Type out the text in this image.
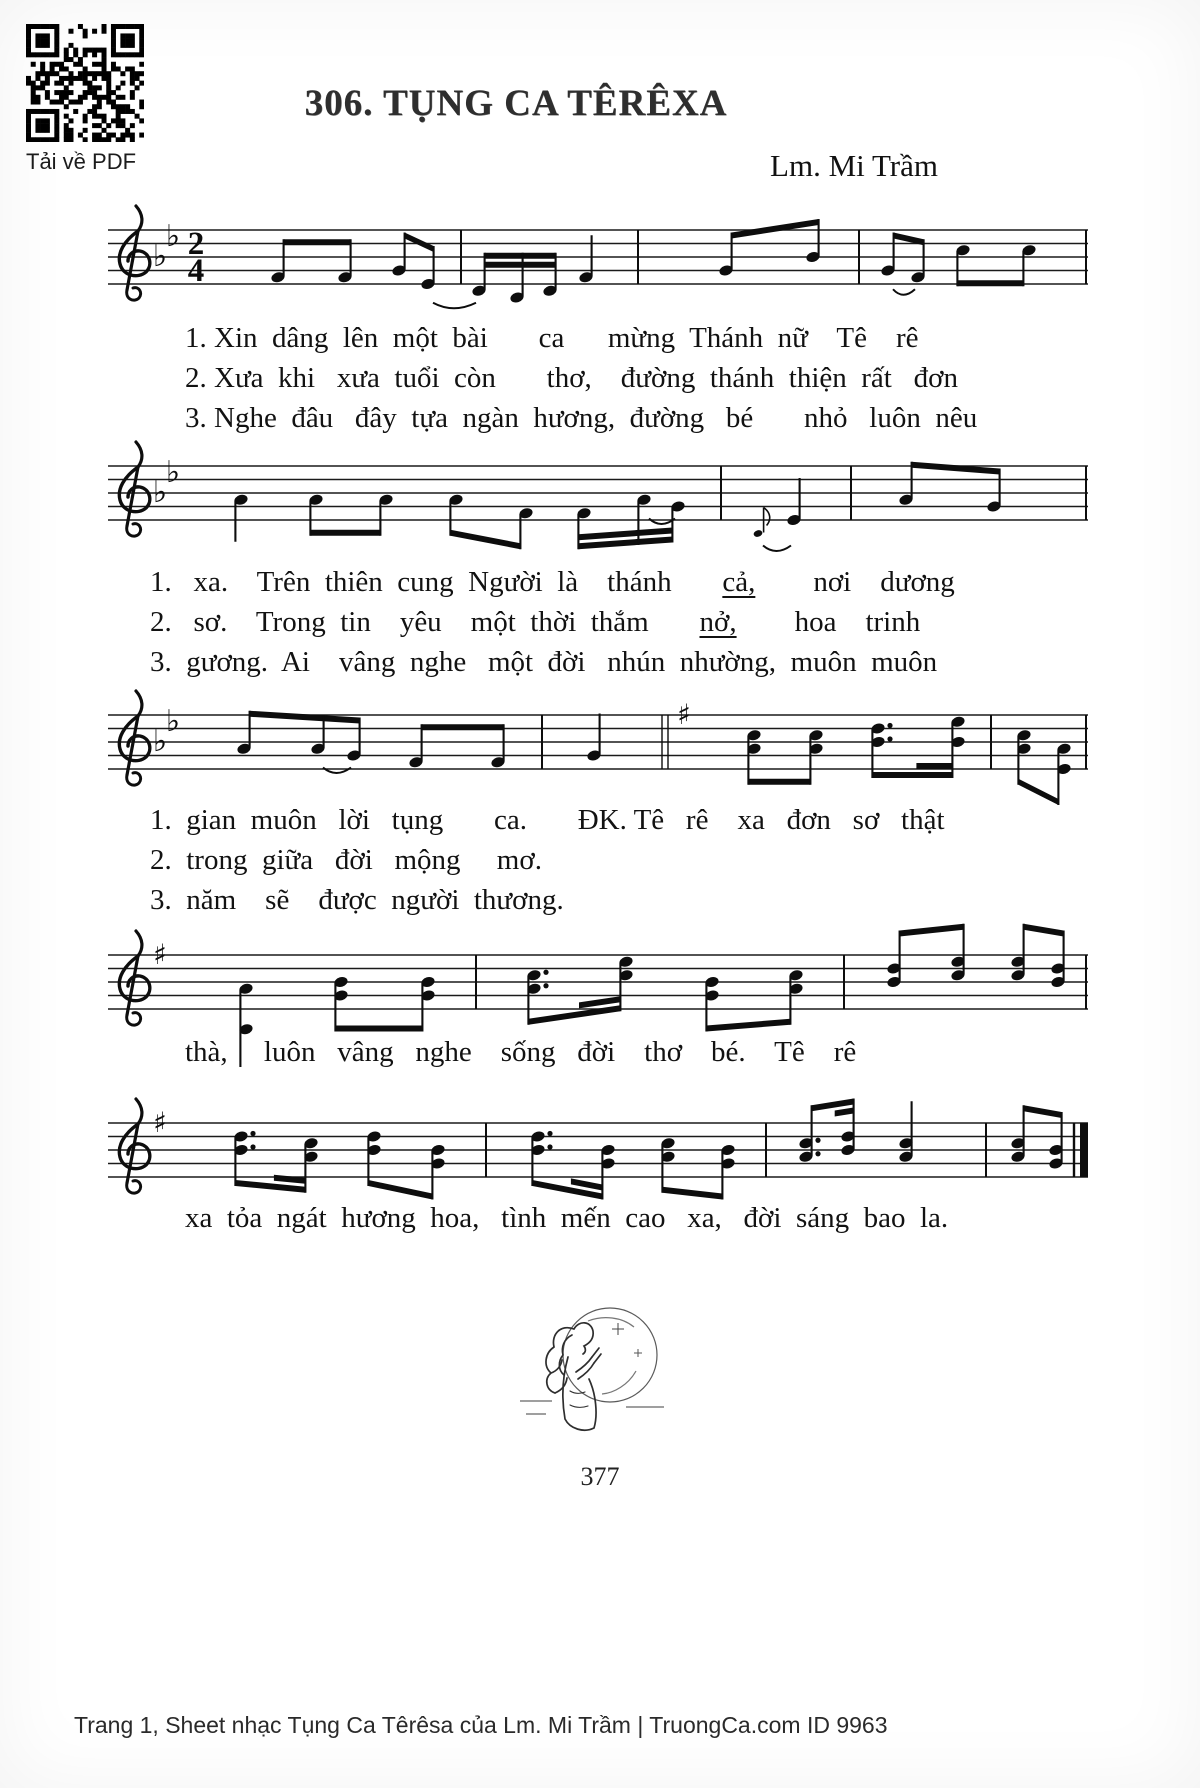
Tải về PDF
306. TỤNG CA TÊRÊXA
Lm. Mi Trầm
♭
♭ 2
4
♭
♭
♭
♭	♯
♯
♯
1. Xin  dâng  lên  một  bài       ca      mừng  Thánh  nữ    Tê    rê
2. Xưa  khi   xưa  tuổi  còn       thơ,    đường  thánh  thiện  rất   đơn
3. Nghe  đâu   đây  tựa  ngàn  hương,  đường   bé       nhỏ   luôn  nêu
1.   xa.    Trên  thiên  cung  Người  là    thánh       cả,        nơi    dương
2.   sơ.    Trong  tin    yêu    một  thời  thắm       nở,        hoa    trinh
3.  gương.  Ai    vâng  nghe   một  đời   nhún  nhường,  muôn  muôn
1.  gian  muôn   lời   tụng       ca.       ĐK. Tê   rê    xa   đơn   sơ   thật
2.  trong  giữa   đời   mộng     mơ.
3.  năm    sẽ    được  người  thương.
thà,     luôn   vâng   nghe    sống   đời    thơ    bé.    Tê    rê
xa  tỏa  ngát  hương  hoa,   tình  mến  cao   xa,   đời  sáng  bao  la.
377
Trang 1, Sheet nhạc Tụng Ca Têrêsa của Lm. Mi Trầm | TruongCa.com ID 9963
